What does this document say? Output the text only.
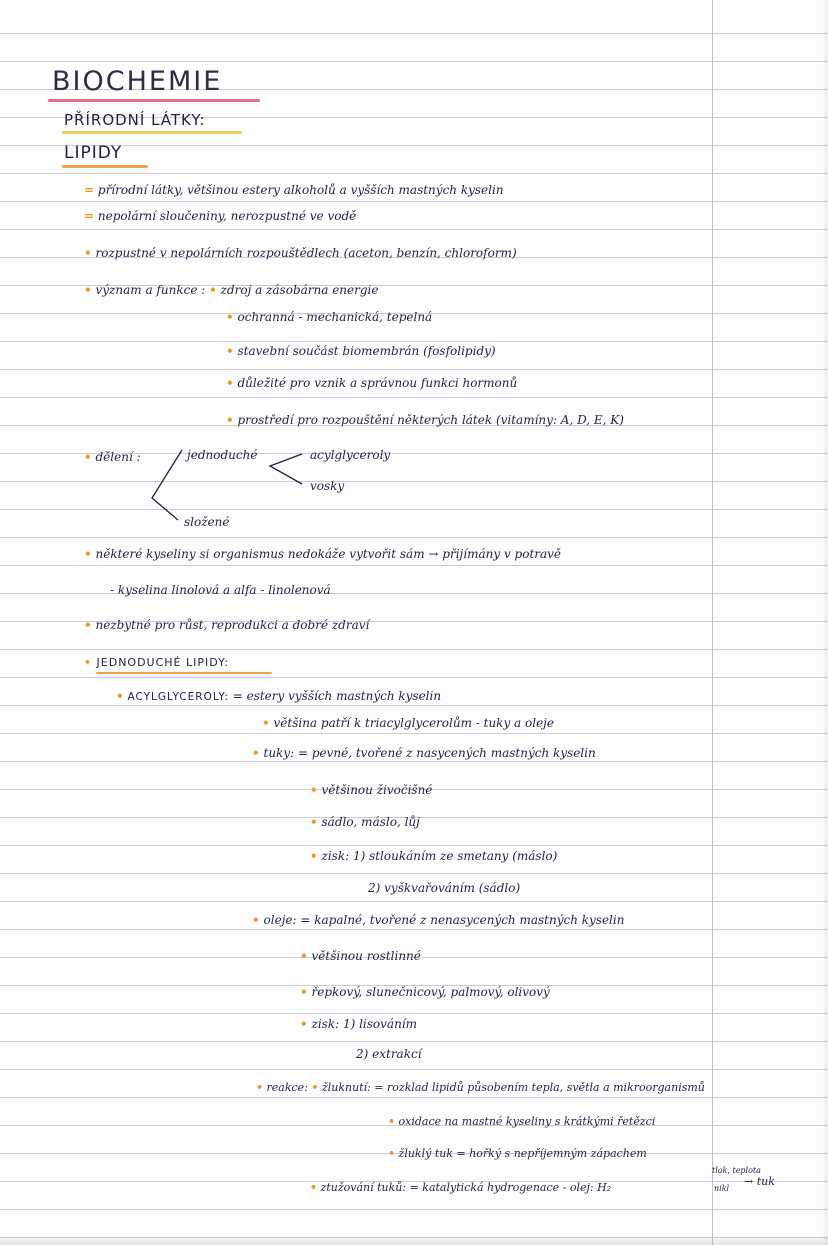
BIOCHEMIE
PŘÍRODNÍ LÁTKY:
LIPIDY
= přírodní látky, většinou estery alkoholů a vyšších mastných kyselin
= nepolární sloučeniny, nerozpustné ve vodě
• rozpustné v nepolárních rozpouštědlech (aceton, benzín, chloroform)
• význam a funkce : • zdroj a zásobárna energie
• ochranná - mechanická, tepelná
• stavební součást biomembrán (fosfolipidy)
• důležité pro vznik a správnou funkci hormonů
• prostředí pro rozpouštění některých látek (vitamíny: A, D, E, K)
• dělení :	jednoduché	acylglyceroly
vosky
složené
• některé kyseliny si organismus nedokáže vytvořit sám → přijímány v potravě
- kyselina linolová a alfa - linolenová
• nezbytné pro růst, reprodukci a dobré zdraví
• JEDNODUCHÉ LIPIDY:
• ACYLGLYCEROLY: = estery vyšších mastných kyselin
• většina patří k triacylglycerolům - tuky a oleje
• tuky: = pevné, tvořené z nasycených mastných kyselin
• většinou živočišné
• sádlo, máslo, lůj
• zisk: 1) stloukáním ze smetany (máslo)
2) vyškvařováním (sádlo)
• oleje: = kapalné, tvořené z nenasycených mastných kyselin
• většinou rostlinné
• řepkový, slunečnicový, palmový, olivový
• zisk: 1) lisováním
2) extrakcí
• reakce: • žluknutí: = rozklad lipidů působením tepla, světla a mikroorganismů
• oxidace na mastné kyseliny s krátkými řetězci
• žluklý tuk = hořký s nepříjemným zápachem
• ztužování tuků: = katalytická hydrogenace - olej: H₂
tlak, teplota
nikl
→ tuk
